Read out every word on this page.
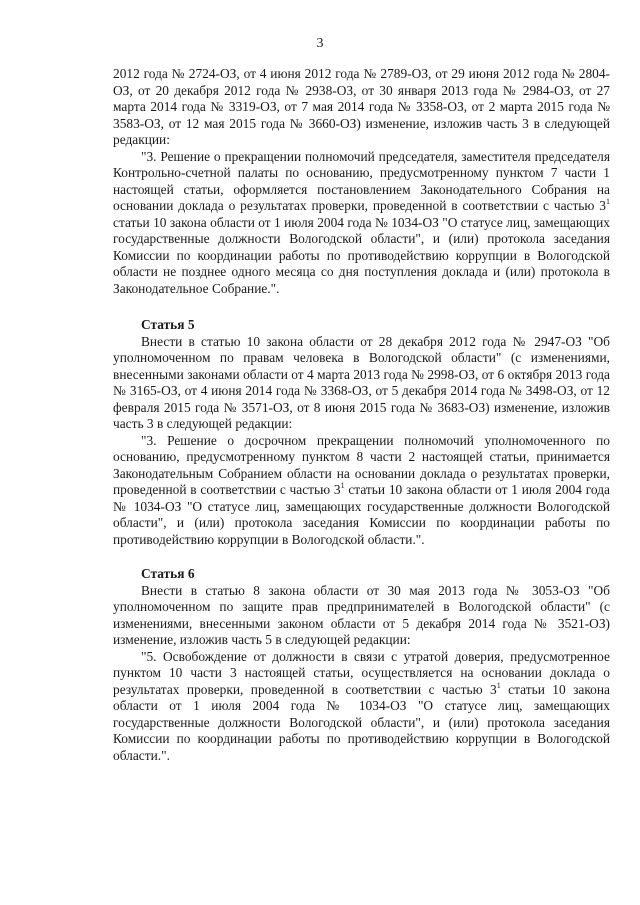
3

2012 года № 2724-ОЗ, от 4 июня 2012 года № 2789-ОЗ, от 29 июня 2012 года № 2804-ОЗ, от 20 декабря 2012 года № 2938-ОЗ, от 30 января 2013 года № 2984-ОЗ, от 27 марта 2014 года № 3319-ОЗ, от 7 мая 2014 года № 3358-ОЗ, от 2 марта 2015 года № 3583-ОЗ, от 12 мая 2015 года № 3660-ОЗ) изменение, изложив часть 3 в следующей редакции:

"3. Решение о прекращении полномочий председателя, заместителя председателя Контрольно-счетной палаты по основанию, предусмотренному пунктом 7 части 1 настоящей статьи, оформляется постановлением Законодательного Собрания на основании доклада о результатах проверки, проведенной в соответствии с частью $3^1$ статьи 10 закона области от 1 июля 2004 года № 1034-ОЗ "О статусе лиц, замещающих государственные должности Вологодской области", и (или) протокола заседания Комиссии по координации работы по противодействию коррупции в Вологодской области не позднее одного месяца со дня поступления доклада и (или) протокола в Законодательное Собрание.".

Статья 5

Внести в статью 10 закона области от 28 декабря 2012 года № 2947-ОЗ "Об уполномоченном по правам человека в Вологодской области" (с изменениями, внесенными законами области от 4 марта 2013 года № 2998-ОЗ, от 6 октября 2013 года № 3165-ОЗ, от 4 июня 2014 года № 3368-ОЗ, от 5 декабря 2014 года № 3498-ОЗ, от 12 февраля 2015 года № 3571-ОЗ, от 8 июня 2015 года № 3683-ОЗ) изменение, изложив часть 3 в следующей редакции:

"3. Решение о досрочном прекращении полномочий уполномоченного по основанию, предусмотренному пунктом 8 части 2 настоящей статьи, принимается Законодательным Собранием области на основании доклада о результатах проверки, проведенной в соответствии с частью $3^1$ статьи 10 закона области от 1 июля 2004 года № 1034-ОЗ "О статусе лиц, замещающих государственные должности Вологодской области", и (или) протокола заседания Комиссии по координации работы по противодействию коррупции в Вологодской области.".

Статья 6

Внести в статью 8 закона области от 30 мая 2013 года № 3053-ОЗ "Об уполномоченном по защите прав предпринимателей в Вологодской области" (с изменениями, внесенными законом области от 5 декабря 2014 года № 3521-ОЗ) изменение, изложив часть 5 в следующей редакции:

"5. Освобождение от должности в связи с утратой доверия, предусмотренное пунктом 10 части 3 настоящей статьи, осуществляется на основании доклада о результатах проверки, проведенной в соответствии с частью $3^1$ статьи 10 закона области от 1 июля 2004 года № 1034-ОЗ "О статусе лиц, замещающих государственные должности Вологодской области", и (или) протокола заседания Комиссии по координации работы по противодействию коррупции в Вологодской области.".
